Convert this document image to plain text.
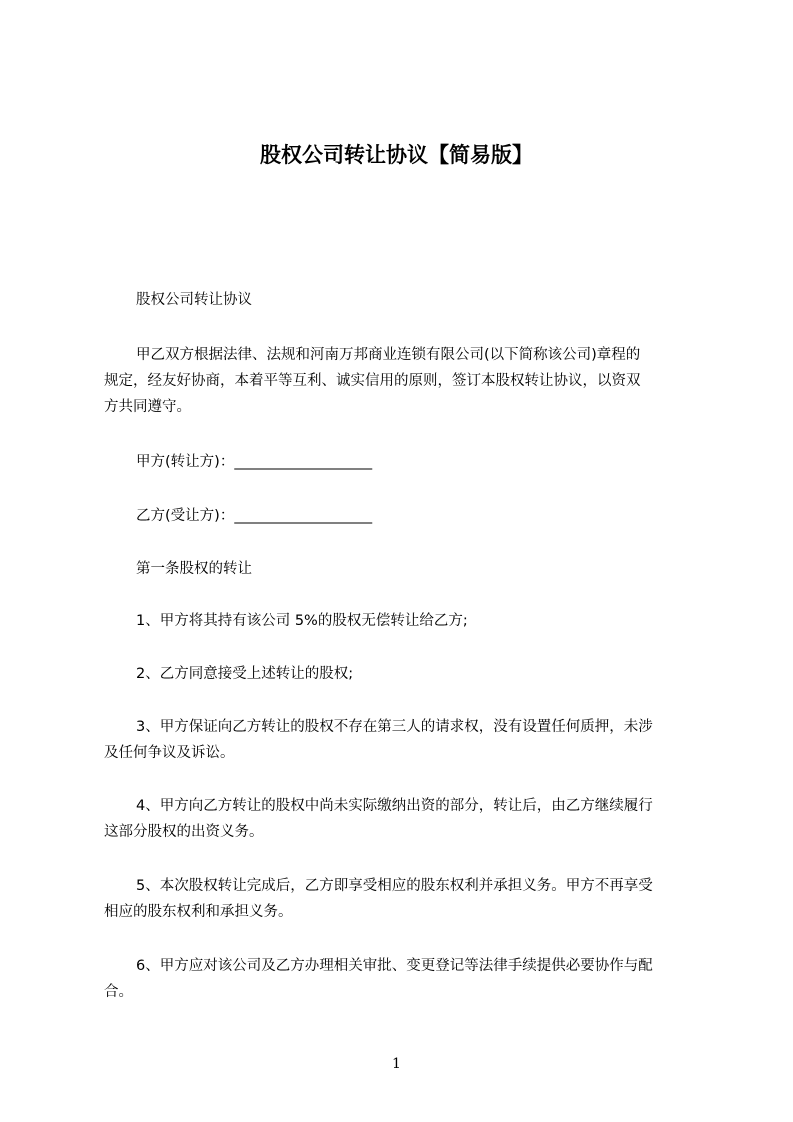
股权公司转让协议【简易版】

股权公司转让协议

甲乙双方根据法律、法规和河南万邦商业连锁有限公司(以下简称该公司)章程的
规定，经友好协商，本着平等互利、诚实信用的原则，签订本股权转让协议，以资双
方共同遵守。

甲方(转让方)：___________________

乙方(受让方)：___________________

第一条股权的转让

1、甲方将其持有该公司 5%的股权无偿转让给乙方;

2、乙方同意接受上述转让的股权;

3、甲方保证向乙方转让的股权不存在第三人的请求权，没有设置任何质押，未涉
及任何争议及诉讼。

4、甲方向乙方转让的股权中尚未实际缴纳出资的部分，转让后，由乙方继续履行
这部分股权的出资义务。

5、本次股权转让完成后，乙方即享受相应的股东权利并承担义务。甲方不再享受
相应的股东权利和承担义务。

6、甲方应对该公司及乙方办理相关审批、变更登记等法律手续提供必要协作与配
合。

1
